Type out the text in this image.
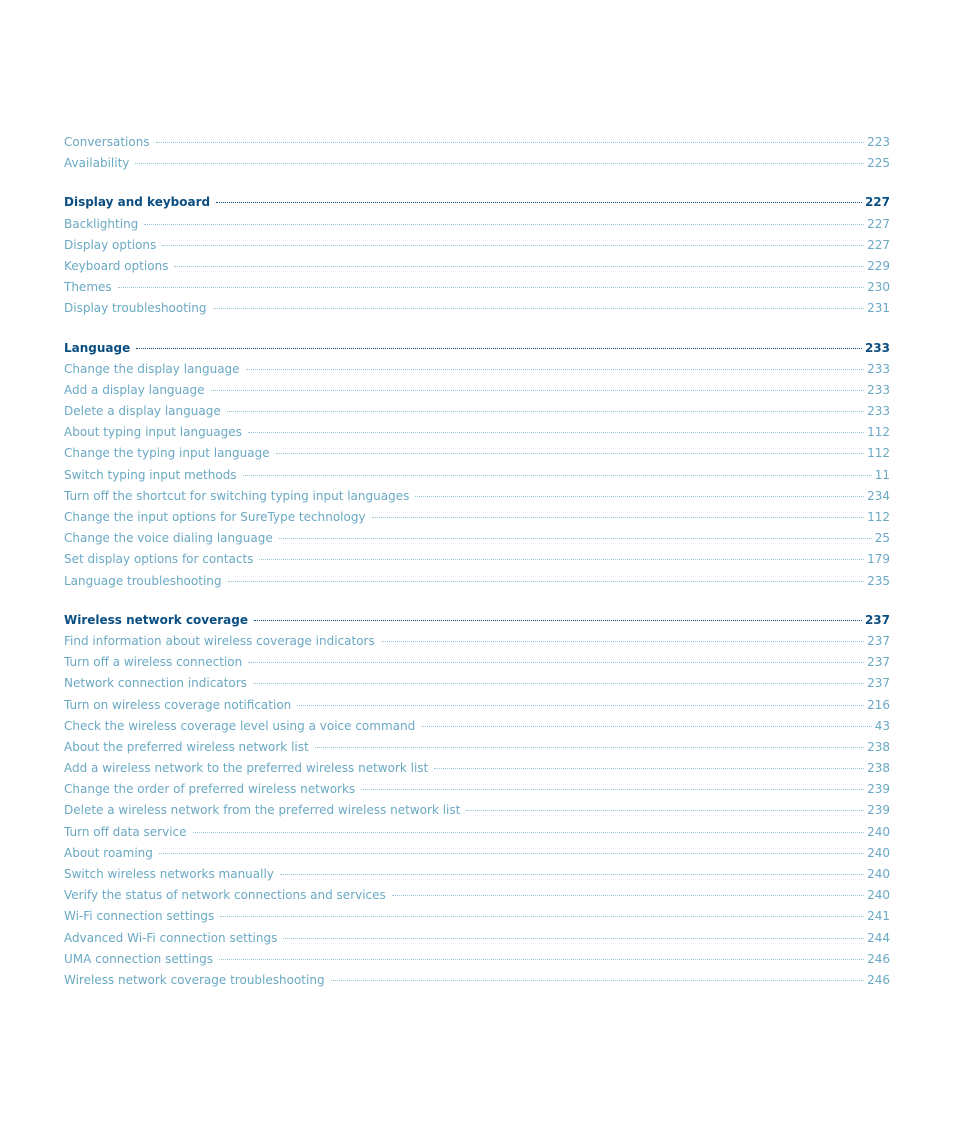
Conversations	223
Availability	225
Display and keyboard	227
Backlighting	227
Display options	227
Keyboard options	229
Themes	230
Display troubleshooting	231
Language	233
Change the display language	233
Add a display language	233
Delete a display language	233
About typing input languages	112
Change the typing input language	112
Switch typing input methods	11
Turn off the shortcut for switching typing input languages	234
Change the input options for SureType technology	112
Change the voice dialing language	25
Set display options for contacts	179
Language troubleshooting	235
Wireless network coverage	237
Find information about wireless coverage indicators	237
Turn off a wireless connection	237
Network connection indicators	237
Turn on wireless coverage notification	216
Check the wireless coverage level using a voice command	43
About the preferred wireless network list	238
Add a wireless network to the preferred wireless network list	238
Change the order of preferred wireless networks	239
Delete a wireless network from the preferred wireless network list	239
Turn off data service	240
About roaming	240
Switch wireless networks manually	240
Verify the status of network connections and services	240
Wi-Fi connection settings	241
Advanced Wi-Fi connection settings	244
UMA connection settings	246
Wireless network coverage troubleshooting	246
